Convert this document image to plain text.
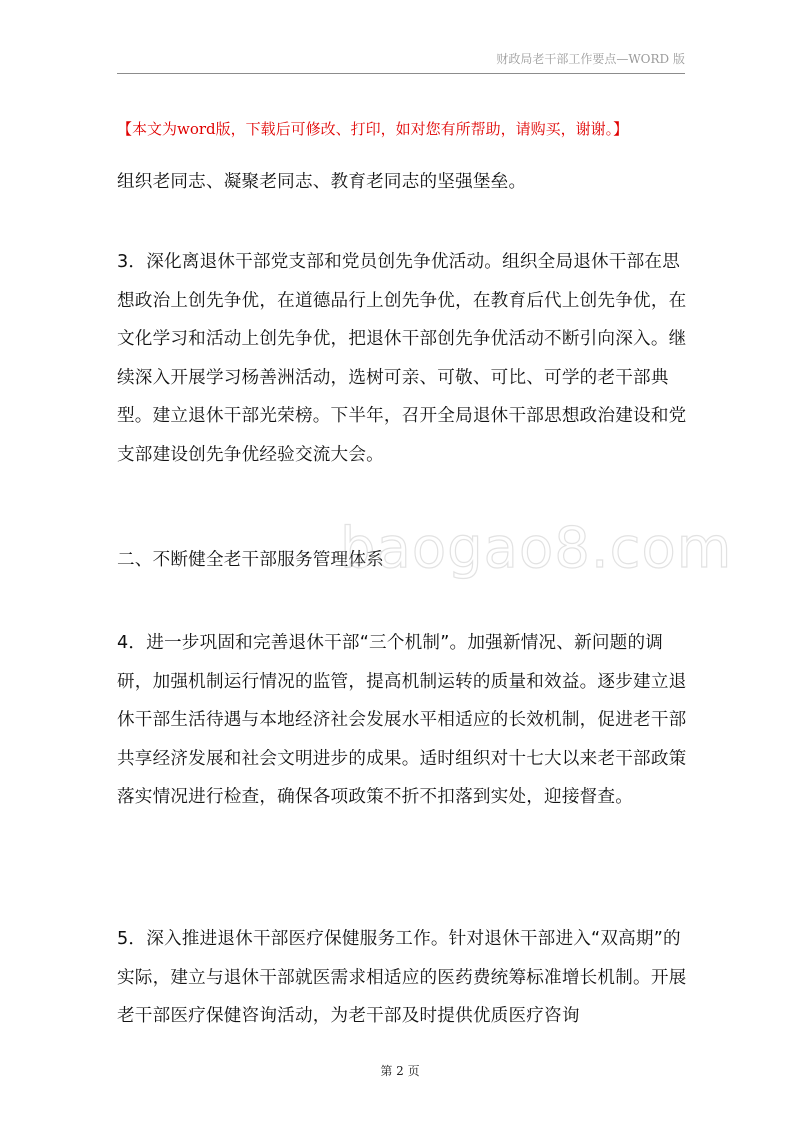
财政局老干部工作要点—WORD 版
【本文为word版，下载后可修改、打印，如对您有所帮助，请购买，谢谢。】
组织老同志、凝聚老同志、教育老同志的坚强堡垒。
3．深化离退休干部党支部和党员创先争优活动。组织全局退休干部在思想政治上创先争优，在道德品行上创先争优，在教育后代上创先争优，在文化学习和活动上创先争优，把退休干部创先争优活动不断引向深入。继续深入开展学习杨善洲活动，选树可亲、可敬、可比、可学的老干部典型。建立退休干部光荣榜。下半年，召开全局退休干部思想政治建设和党支部建设创先争优经验交流大会。
二、不断健全老干部服务管理体系
4．进一步巩固和完善退休干部“三个机制”。加强新情况、新问题的调研，加强机制运行情况的监管，提高机制运转的质量和效益。逐步建立退休干部生活待遇与本地经济社会发展水平相适应的长效机制，促进老干部共享经济发展和社会文明进步的成果。适时组织对十七大以来老干部政策落实情况进行检查，确保各项政策不折不扣落到实处，迎接督查。
5．深入推进退休干部医疗保健服务工作。针对退休干部进入“双高期”的实际，建立与退休干部就医需求相适应的医药费统筹标准增长机制。开展老干部医疗保健咨询活动，为老干部及时提供优质医疗咨询
baogao8.com
第 2 页
